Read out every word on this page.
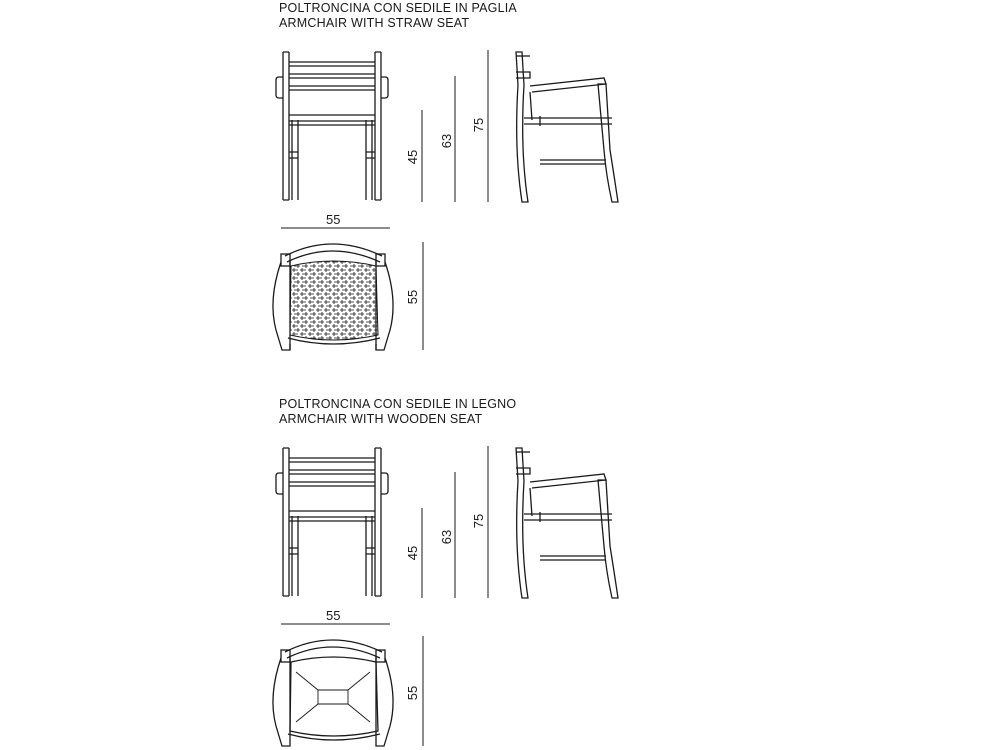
POLTRONCINA CON SEDILE IN PAGLIA
ARMCHAIR WITH STRAW SEAT
55
45
63
75
55
POLTRONCINA CON SEDILE IN LEGNO
ARMCHAIR WITH WOODEN SEAT
55
45
63
75
55
